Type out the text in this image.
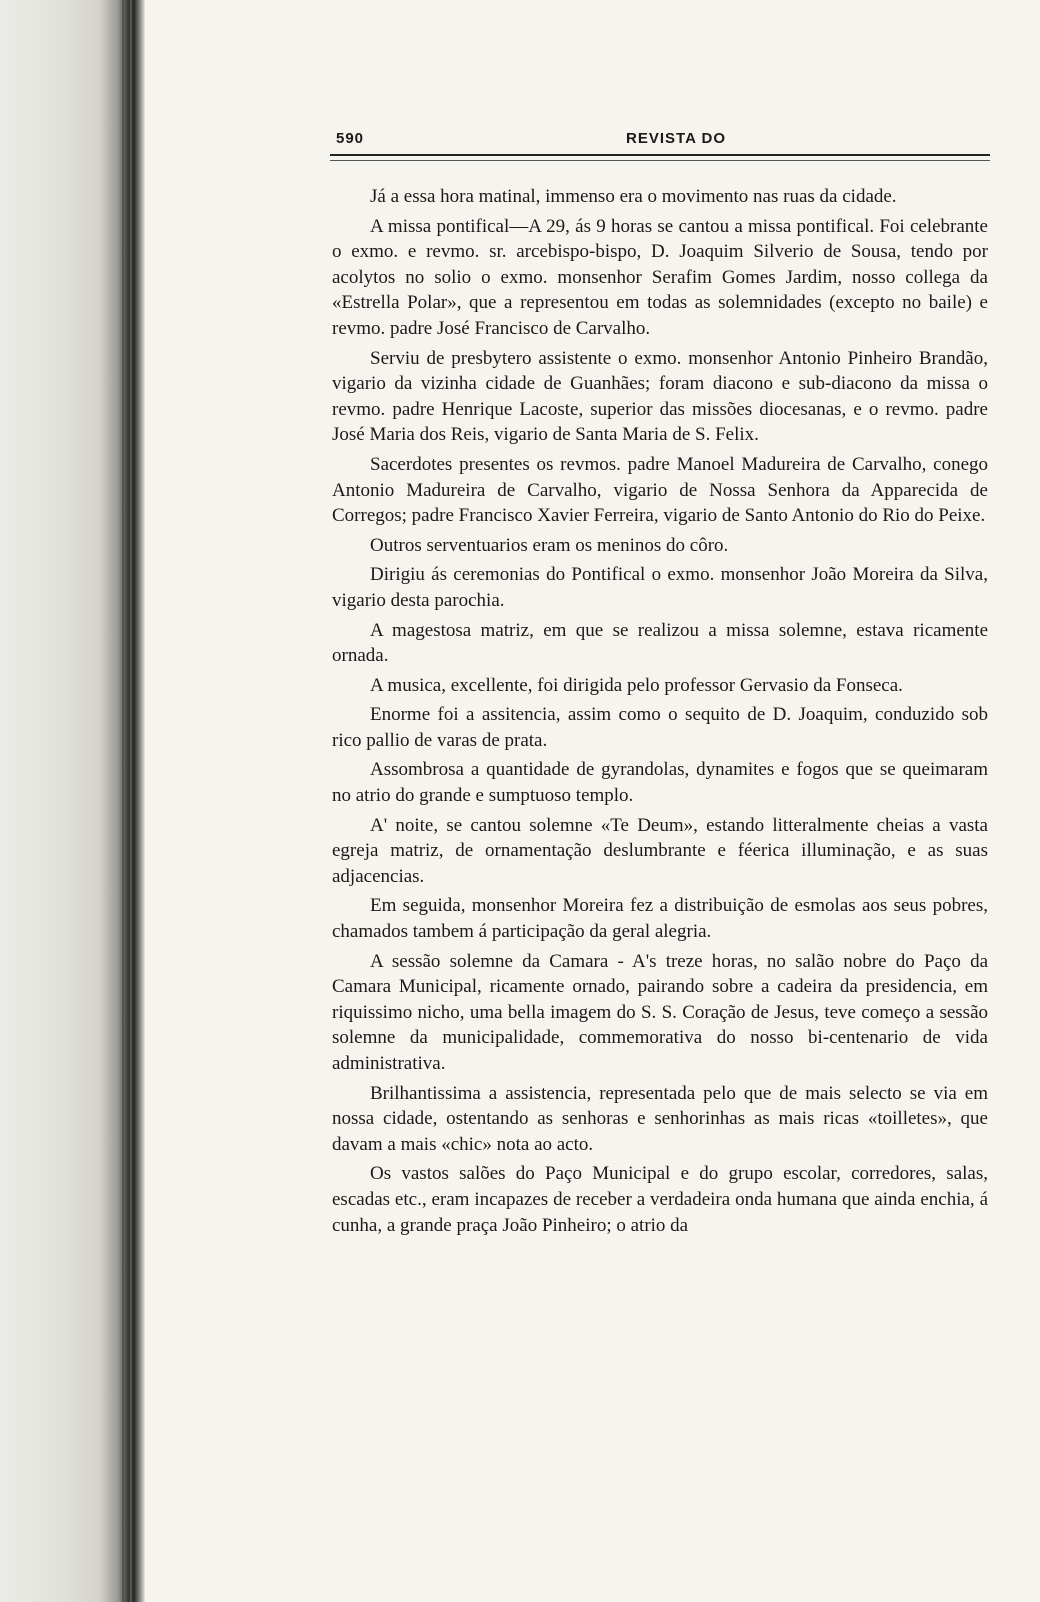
590	REVISTA DO

Já a essa hora matinal, immenso era o movimento nas ruas da cidade.

A missa pontifical—A 29, ás 9 horas se cantou a missa pontifical. Foi celebrante o exmo. e revmo. sr. arcebispo-bispo, D. Joaquim Silverio de Sousa, tendo por acolytos no solio o exmo. monsenhor Serafim Gomes Jardim, nosso collega da «Estrella Polar», que a representou em todas as solemnidades (excepto no baile) e revmo. padre José Francisco de Carvalho.

Serviu de presbytero assistente o exmo. monsenhor Antonio Pinheiro Brandão, vigario da vizinha cidade de Guanhães; foram diacono e sub-diacono da missa o revmo. padre Henrique Lacoste, superior das missões diocesanas, e o revmo. padre José Maria dos Reis, vigario de Santa Maria de S. Felix.

Sacerdotes presentes os revmos. padre Manoel Madureira de Carvalho, conego Antonio Madureira de Carvalho, vigario de Nossa Senhora da Apparecida de Corregos; padre Francisco Xavier Ferreira, vigario de Santo Antonio do Rio do Peixe.

Outros serventuarios eram os meninos do côro.

Dirigiu ás ceremonias do Pontifical o exmo. monsenhor João Moreira da Silva, vigario desta parochia.

A magestosa matriz, em que se realizou a missa solemne, estava ricamente ornada.

A musica, excellente, foi dirigida pelo professor Gervasio da Fonseca.

Enorme foi a assitencia, assim como o sequito de D. Joaquim, conduzido sob rico pallio de varas de prata.

Assombrosa a quantidade de gyrandolas, dynamites e fogos que se queimaram no atrio do grande e sumptuoso templo.

A' noite, se cantou solemne «Te Deum», estando litteralmente cheias a vasta egreja matriz, de ornamentação deslumbrante e féerica illuminação, e as suas adjacencias.

Em seguida, monsenhor Moreira fez a distribuição de esmolas aos seus pobres, chamados tambem á participação da geral alegria.

A sessão solemne da Camara - A's treze horas, no salão nobre do Paço da Camara Municipal, ricamente ornado, pairando sobre a cadeira da presidencia, em riquissimo nicho, uma bella imagem do S. S. Coração de Jesus, teve começo a sessão solemne da municipalidade, commemorativa do nosso bi-centenario de vida administrativa.

Brilhantissima a assistencia, representada pelo que de mais selecto se via em nossa cidade, ostentando as senhoras e senhorinhas as mais ricas «toilletes», que davam a mais «chic» nota ao acto.

Os vastos salões do Paço Municipal e do grupo escolar, corredores, salas, escadas etc., eram incapazes de receber a verdadeira onda humana que ainda enchia, á cunha, a grande praça João Pinheiro; o atrio da
